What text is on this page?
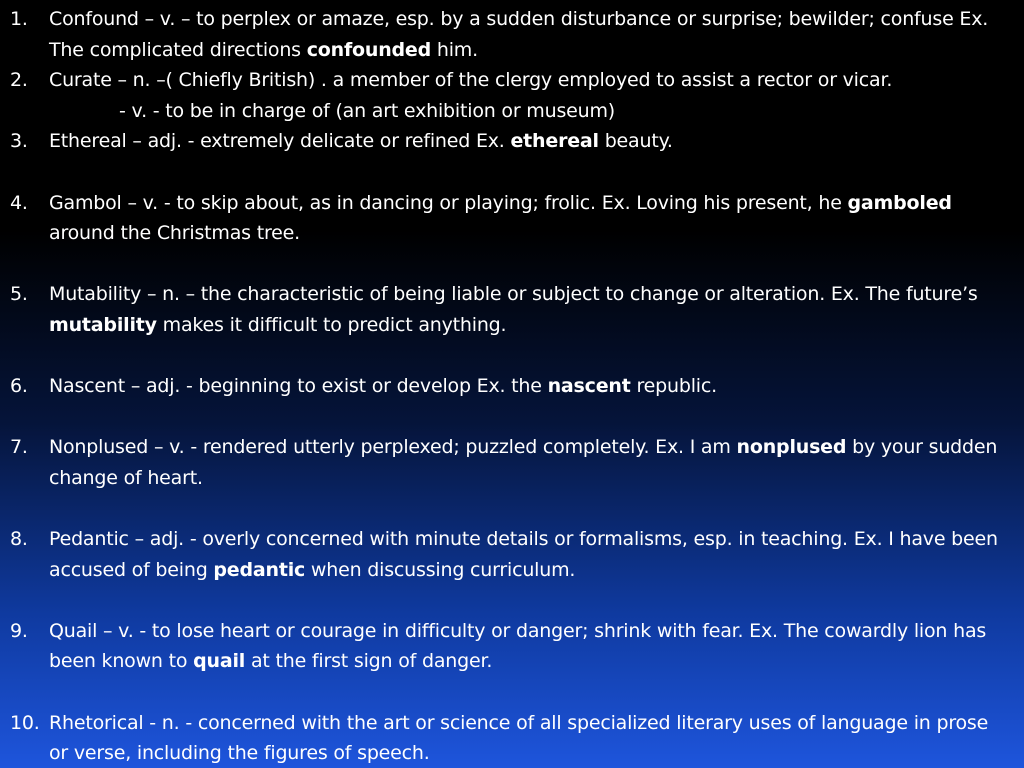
1.	Confound – v. – to perplex or amaze, esp. by a sudden disturbance or surprise; bewilder; confuse Ex. The complicated directions confounded him.
2.	Curate – n. –( Chiefly British) . a member of the clergy employed to assist a rector or vicar.
- v. - to be in charge of (an art exhibition or museum)
3.	Ethereal – adj. - extremely delicate or refined Ex. ethereal beauty.
4.	Gambol – v. - to skip about, as in dancing or playing; frolic. Ex. Loving his present, he gamboled around the Christmas tree.
5.	Mutability – n. – the characteristic of being liable or subject to change or alteration. Ex. The future’s mutability makes it difficult to predict anything.
6.	Nascent – adj. - beginning to exist or develop Ex. the nascent republic.
7.	Nonplused – v. - rendered utterly perplexed; puzzled completely. Ex. I am nonplused by your sudden change of heart.
8.	Pedantic – adj. - overly concerned with minute details or formalisms, esp. in teaching. Ex. I have been accused of being pedantic when discussing curriculum.
9.	Quail – v. - to lose heart or courage in difficulty or danger; shrink with fear. Ex. The cowardly lion has been known to quail at the first sign of danger.
10. Rhetorical - n. - concerned with the art or science of all specialized literary uses of language in prose or verse, including the figures of speech.
